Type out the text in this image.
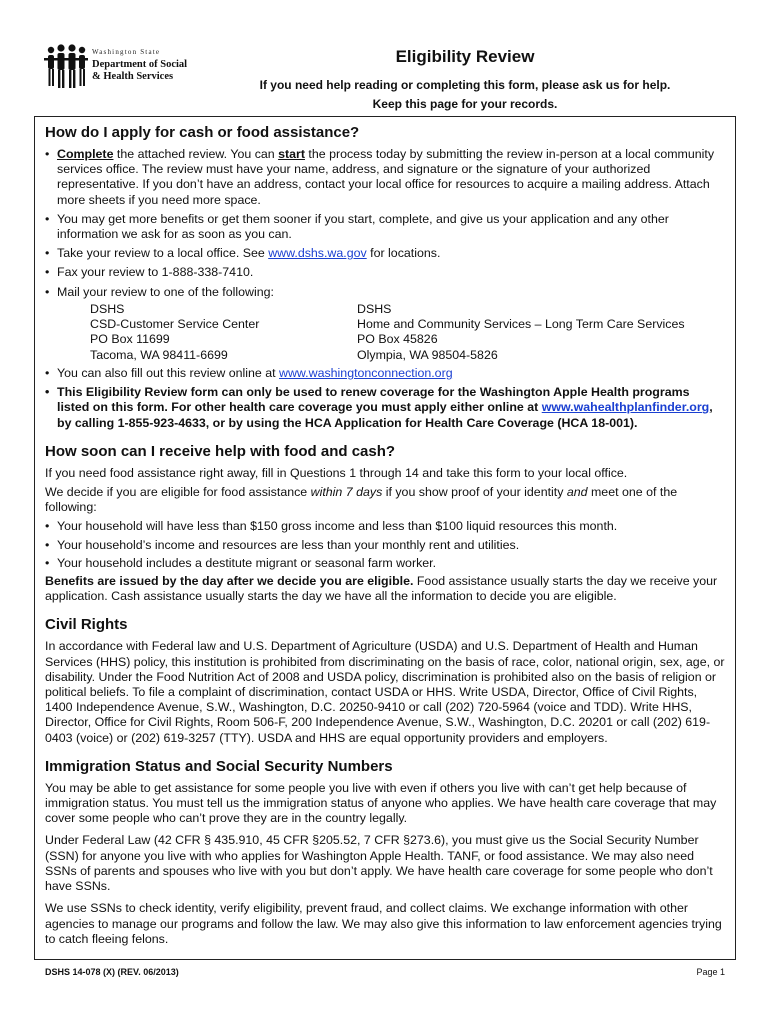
Washington State
Department of Social
& Health Services
Eligibility Review
If you need help reading or completing this form, please ask us for help.
Keep this page for your records.
How do I apply for cash or food assistance?
• Complete the attached review. You can start the process today by submitting the review in-person at a local community services office. The review must have your name, address, and signature or the signature of your authorized representative. If you don’t have an address, contact your local office for resources to acquire a mailing address. Attach more sheets if you need more space.
• You may get more benefits or get them sooner if you start, complete, and give us your application and any other information we ask for as soon as you can.
• Take your review to a local office. See www.dshs.wa.gov for locations.
• Fax your review to 1-888-338-7410.
• Mail your review to one of the following:
DSHS
CSD-Customer Service Center
PO Box 11699
Tacoma, WA 98411-6699
DSHS
Home and Community Services – Long Term Care Services
PO Box 45826
Olympia, WA 98504-5826
• You can also fill out this review online at www.washingtonconnection.org
• This Eligibility Review form can only be used to renew coverage for the Washington Apple Health programs listed on this form. For other health care coverage you must apply either online at www.wahealthplanfinder.org, by calling 1-855-923-4633, or by using the HCA Application for Health Care Coverage (HCA 18-001).
How soon can I receive help with food and cash?

If you need food assistance right away, fill in Questions 1 through 14 and take this form to your local office.

We decide if you are eligible for food assistance within 7 days if you show proof of your identity and meet one of the following:

• Your household will have less than $150 gross income and less than $100 liquid resources this month.
• Your household’s income and resources are less than your monthly rent and utilities.
• Your household includes a destitute migrant or seasonal farm worker.

Benefits are issued by the day after we decide you are eligible. Food assistance usually starts the day we receive your application. Cash assistance usually starts the day we have all the information to decide you are eligible.

Civil Rights

In accordance with Federal law and U.S. Department of Agriculture (USDA) and U.S. Department of Health and Human Services (HHS) policy, this institution is prohibited from discriminating on the basis of race, color, national origin, sex, age, or disability. Under the Food Nutrition Act of 2008 and USDA policy, discrimination is prohibited also on the basis of religion or political beliefs. To file a complaint of discrimination, contact USDA or HHS. Write USDA, Director, Office of Civil Rights, 1400 Independence Avenue, S.W., Washington, D.C. 20250-9410 or call (202) 720-5964 (voice and TDD). Write HHS, Director, Office for Civil Rights, Room 506-F, 200 Independence Avenue, S.W., Washington, D.C. 20201 or call (202) 619-0403 (voice) or (202) 619-3257 (TTY). USDA and HHS are equal opportunity providers and employers.

Immigration Status and Social Security Numbers

You may be able to get assistance for some people you live with even if others you live with can’t get help because of immigration status. You must tell us the immigration status of anyone who applies. We have health care coverage that may cover some people who can’t prove they are in the country legally.

Under Federal Law (42 CFR § 435.910, 45 CFR §205.52, 7 CFR §273.6), you must give us the Social Security Number (SSN) for anyone you live with who applies for Washington Apple Health. TANF, or food assistance. We may also need SSNs of parents and spouses who live with you but don’t apply. We have health care coverage for some people who don’t have SSNs.

We use SSNs to check identity, verify eligibility, prevent fraud, and collect claims. We exchange information with other agencies to manage our programs and follow the law. We may also give this information to law enforcement agencies trying to catch fleeing felons.

DSHS 14-078 (X) (REV. 06/2013)	Page 1
